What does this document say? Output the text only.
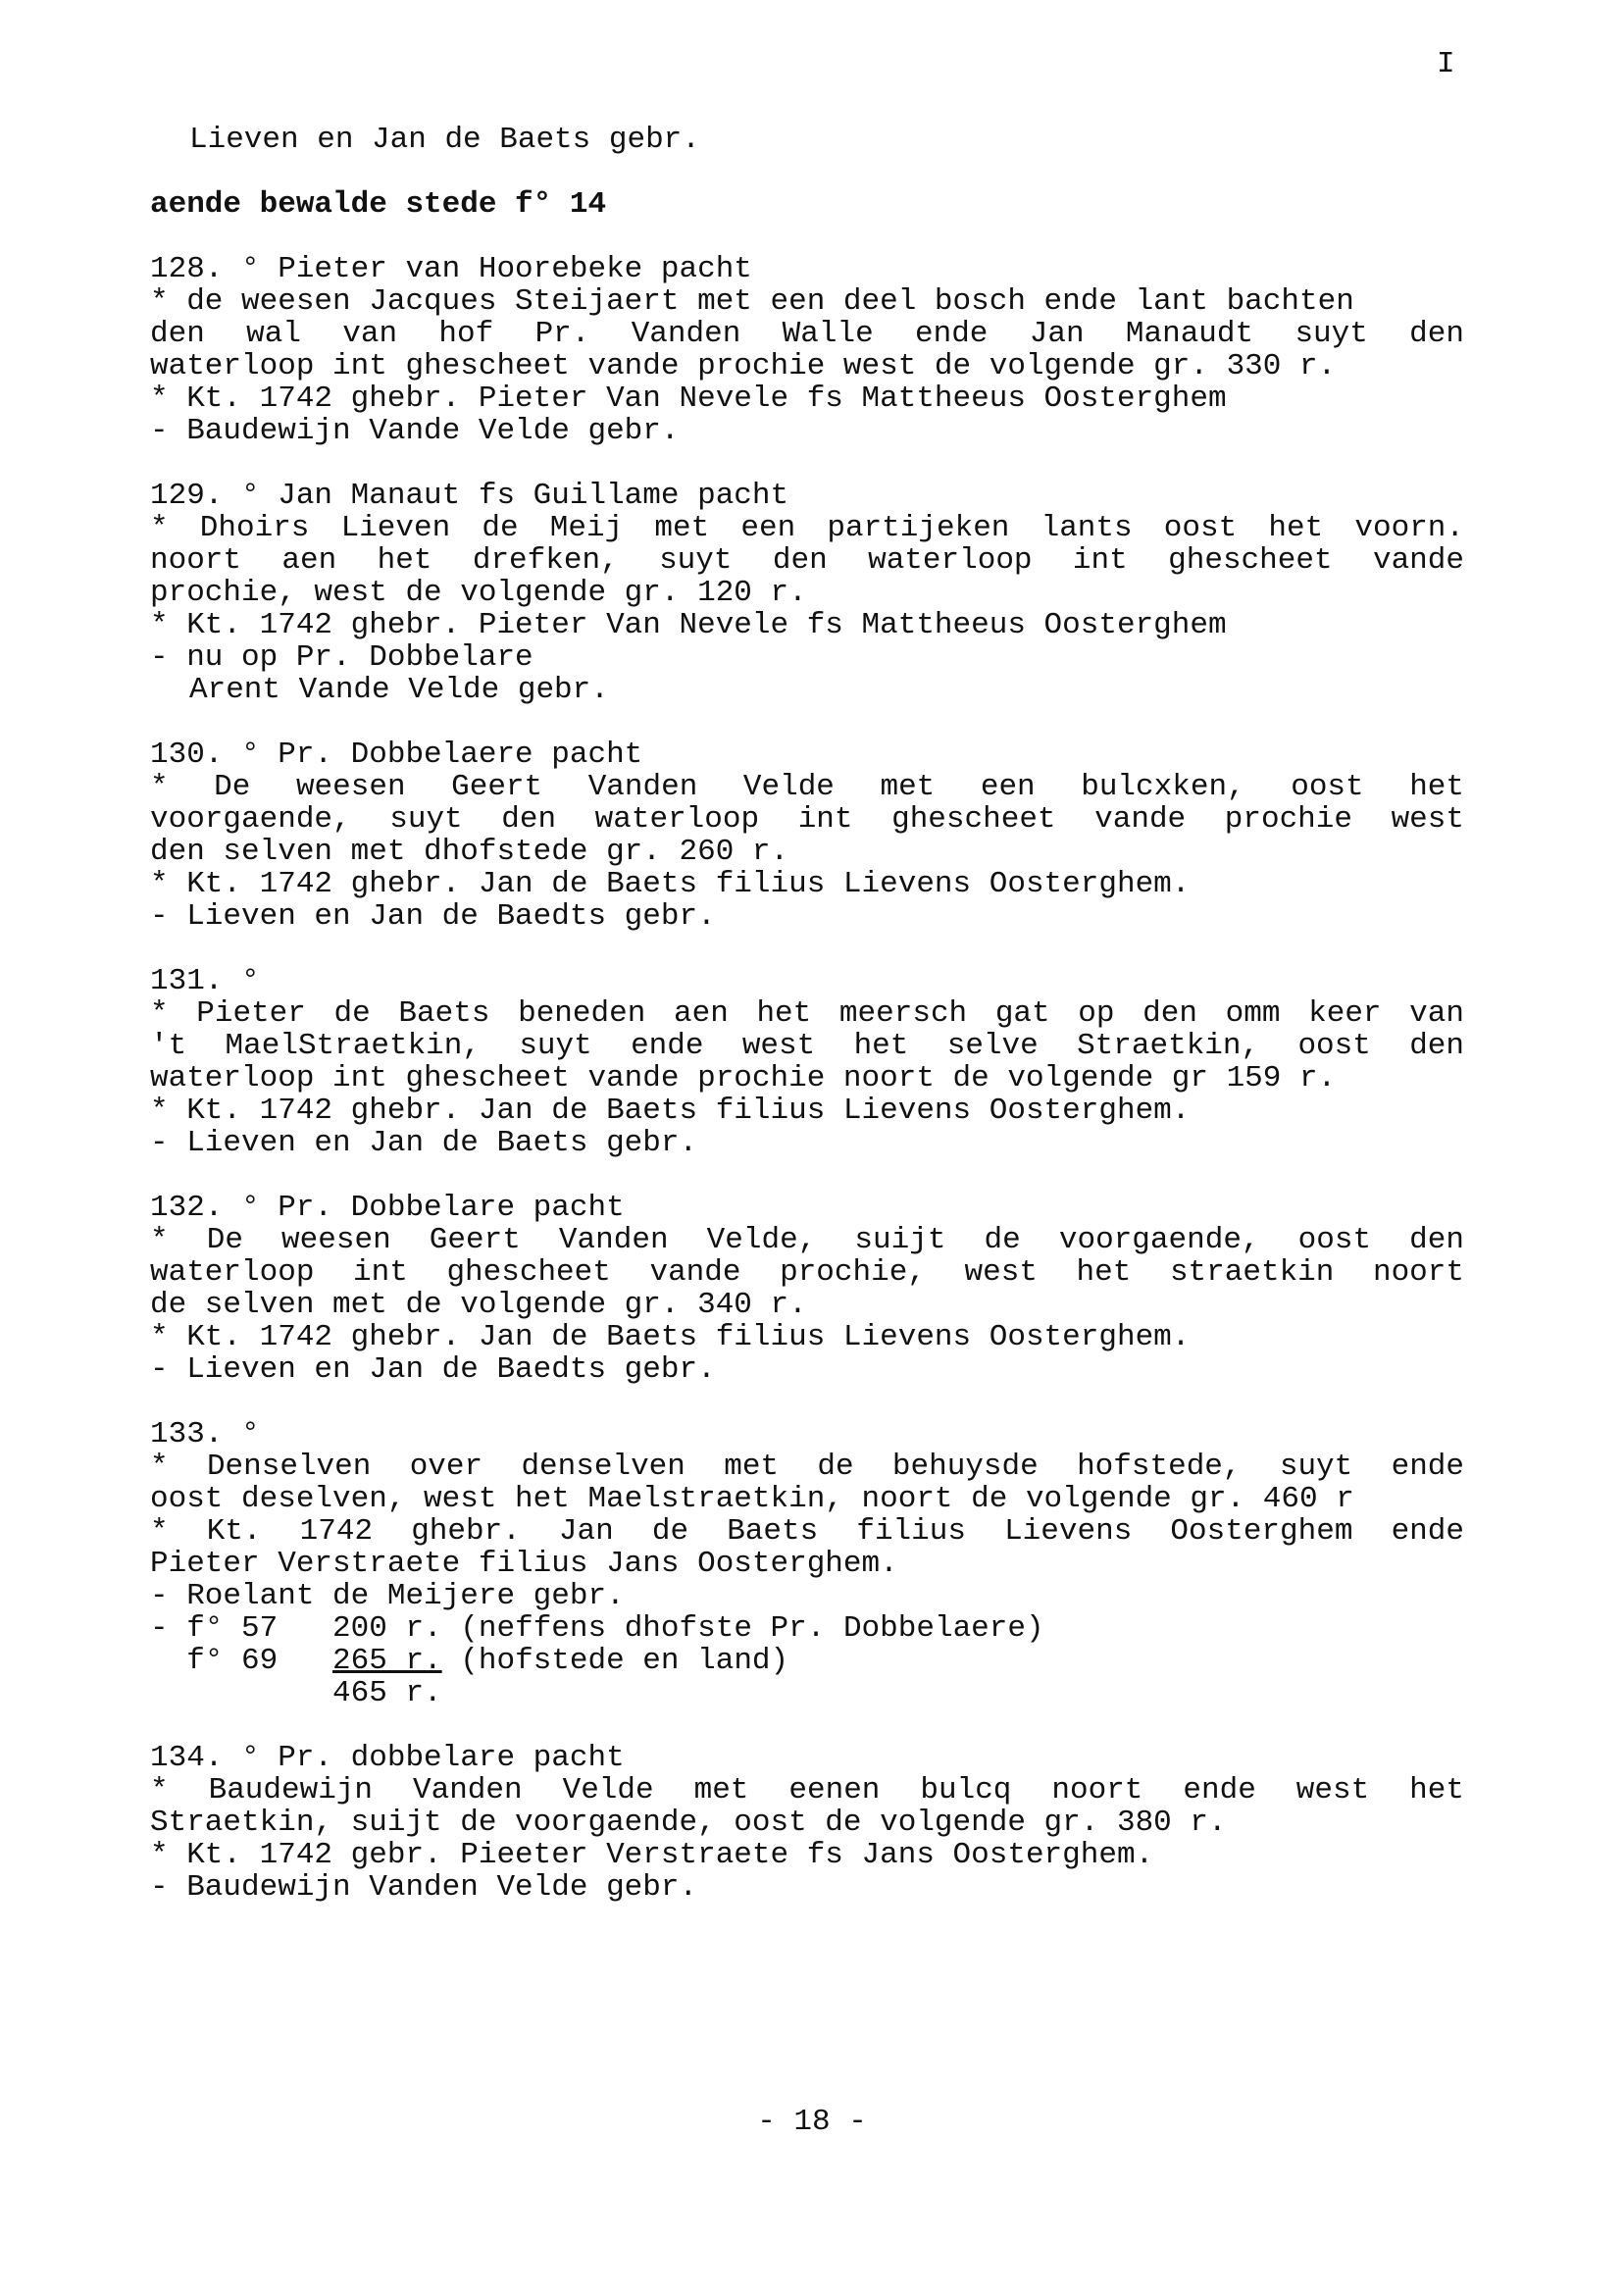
I
Lieven en Jan de Baets gebr.
aende bewalde stede f° 14
128. ° Pieter van Hoorebeke pacht
* de weesen Jacques Steijaert met een deel bosch ende lant bachten
den wal van hof Pr. Vanden Walle ende Jan Manaudt suyt den
waterloop int ghescheet vande prochie west de volgende gr. 330 r.
* Kt. 1742 ghebr. Pieter Van Nevele fs Mattheeus Oosterghem
- Baudewijn Vande Velde gebr.
129. ° Jan Manaut fs Guillame pacht
* Dhoirs Lieven de Meij met een partijeken lants oost het voorn.
noort aen het drefken, suyt den waterloop int ghescheet vande
prochie, west de volgende gr. 120 r.
* Kt. 1742 ghebr. Pieter Van Nevele fs Mattheeus Oosterghem
- nu op Pr. Dobbelare
Arent Vande Velde gebr.
130. ° Pr. Dobbelaere pacht
* De weesen Geert Vanden Velde met een bulcxken, oost het
voorgaende, suyt den waterloop int ghescheet vande prochie west
den selven met dhofstede gr. 260 r.
* Kt. 1742 ghebr. Jan de Baets filius Lievens Oosterghem.
- Lieven en Jan de Baedts gebr.
131. °
* Pieter de Baets beneden aen het meersch gat op den omm keer van
't MaelStraetkin, suyt ende west het selve Straetkin, oost den
waterloop int ghescheet vande prochie noort de volgende gr 159 r.
* Kt. 1742 ghebr. Jan de Baets filius Lievens Oosterghem.
- Lieven en Jan de Baets gebr.
132. ° Pr. Dobbelare pacht
* De weesen Geert Vanden Velde, suijt de voorgaende, oost den
waterloop int ghescheet vande prochie, west het straetkin noort
de selven met de volgende gr. 340 r.
* Kt. 1742 ghebr. Jan de Baets filius Lievens Oosterghem.
- Lieven en Jan de Baedts gebr.
133. °
* Denselven over denselven met de behuysde hofstede, suyt ende
oost deselven, west het Maelstraetkin, noort de volgende gr. 460 r
* Kt. 1742 ghebr. Jan de Baets filius Lievens Oosterghem ende
Pieter Verstraete filius Jans Oosterghem.
- Roelant de Meijere gebr.
- f° 57 200 r. (neffens dhofste Pr. Dobbelaere)
f° 69 265 r. (hofstede en land)
465 r.
134. ° Pr. dobbelare pacht
* Baudewijn Vanden Velde met eenen bulcq noort ende west het
Straetkin, suijt de voorgaende, oost de volgende gr. 380 r.
* Kt. 1742 gebr. Pieeter Verstraete fs Jans Oosterghem.
- Baudewijn Vanden Velde gebr.
- 18 -
